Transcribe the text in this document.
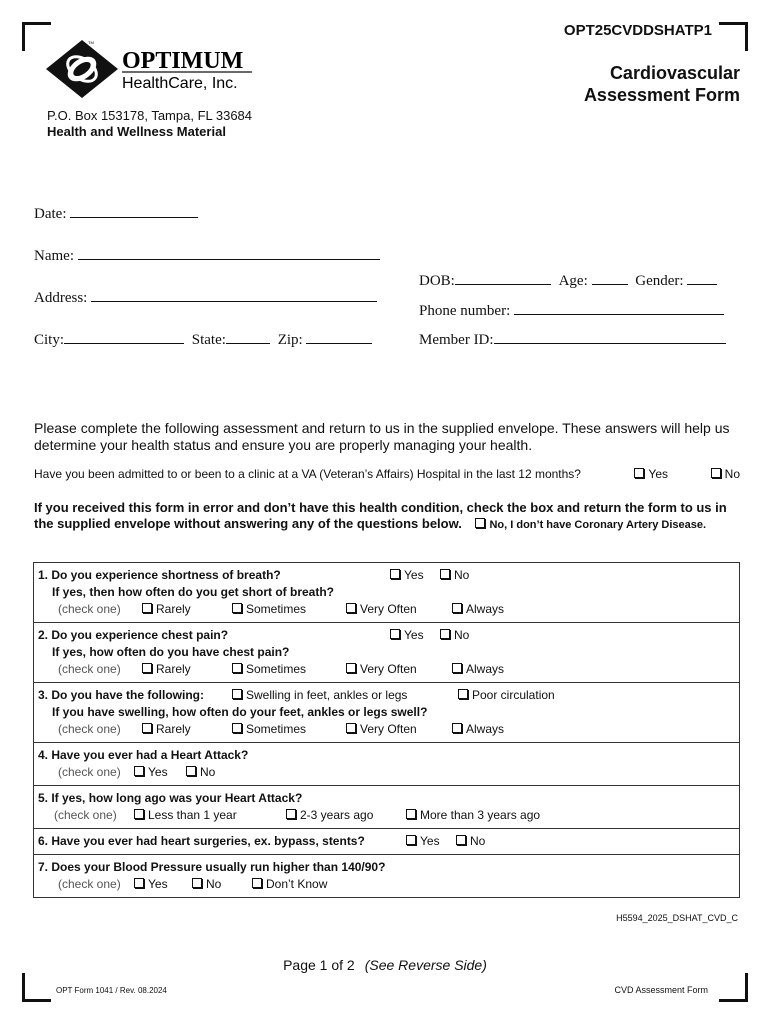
OPT25CVDDSHATP1
TM
OPTIMUM
HealthCare, Inc.
Cardiovascular
Assessment Form
P.O. Box 153178, Tampa, FL 33684
Health and Wellness Material
Date:
Name:
Address:
City:	State:	Zip:
DOB:	Age:	Gender:
Phone number:
Member ID:
Please complete the following assessment and return to us in the supplied envelope. These answers will help us determine your health status and ensure you are properly managing your health.
Have you been admitted to or been to a clinic at a VA (Veteran’s Affairs) Hospital in the last 12 months?	Yes	No
If you received this form in error and don’t have this health condition, check the box and return the form to us in the supplied envelope without answering any of the questions below.	No, I don’t have Coronary Artery Disease.
1. Do you experience shortness of breath?	Yes	No
If yes, then how often do you get short of breath?
(check one)	Rarely	Sometimes	Very Often	Always

2. Do you experience chest pain?	Yes	No
If yes, how often do you have chest pain?
(check one)	Rarely	Sometimes	Very Often	Always

3. Do you have the following:	Swelling in feet, ankles or legs	Poor circulation
If you have swelling, how often do your feet, ankles or legs swell?
(check one)	Rarely	Sometimes	Very Often	Always

4. Have you ever had a Heart Attack?
(check one)	Yes	No

5. If yes, how long ago was your Heart Attack?
(check one)	Less than 1 year	2-3 years ago	More than 3 years ago

6. Have you ever had heart surgeries, ex. bypass, stents?	Yes	No

7. Does your Blood Pressure usually run higher than 140/90?
(check one)	Yes	No	Don’t Know
H5594_2025_DSHAT_CVD_C
Page 1 of 2 (See Reverse Side)
OPT Form 1041 / Rev. 08.2024	CVD Assessment Form
